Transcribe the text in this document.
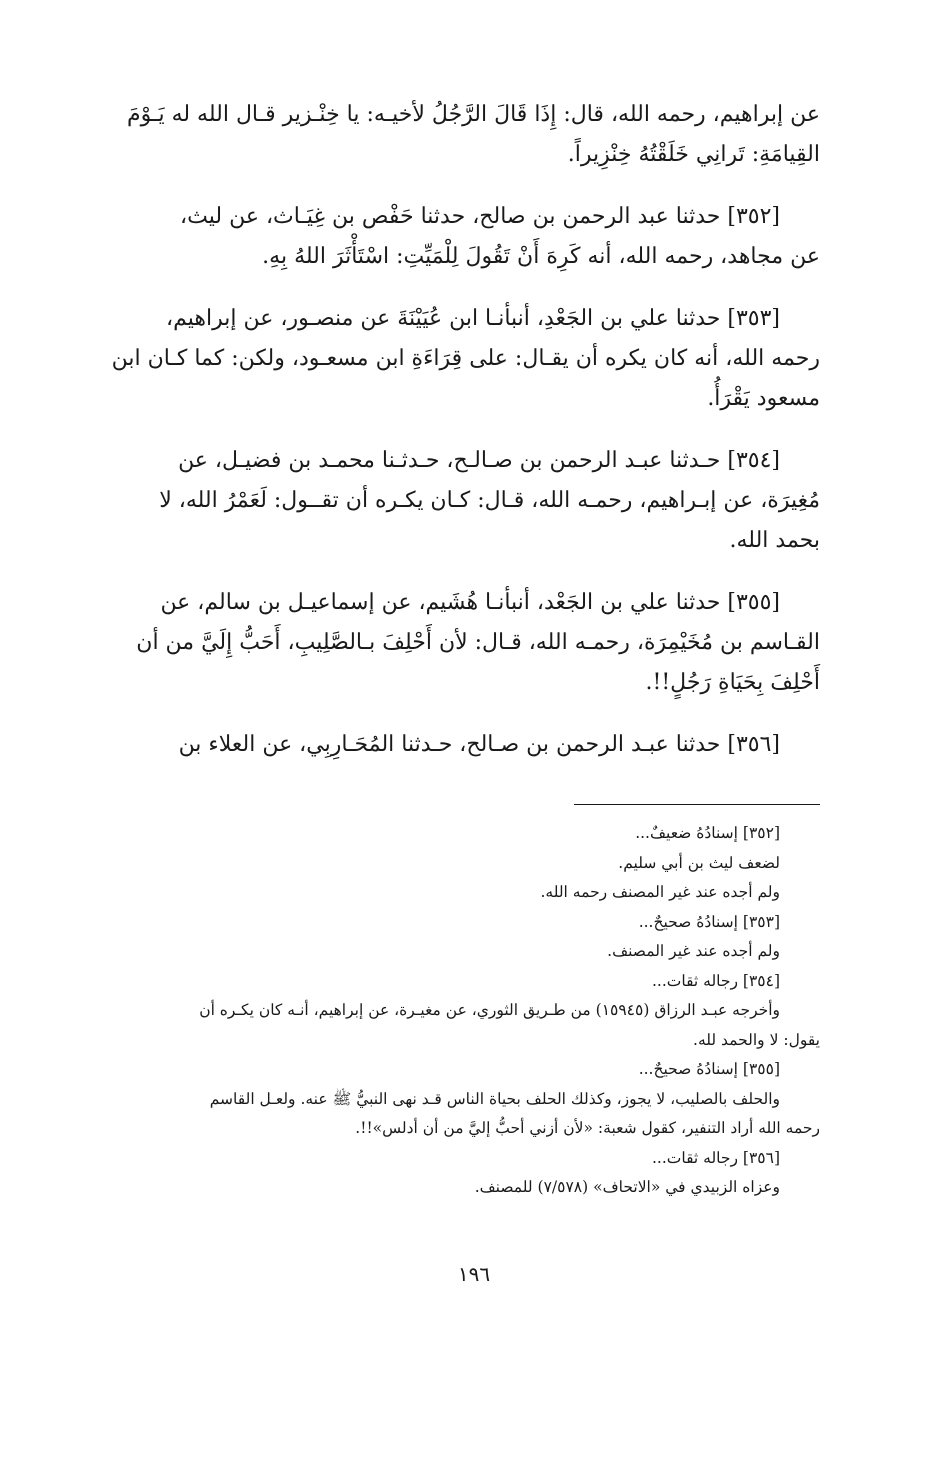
عن إبراهيم، رحمه الله، قال: إِذَا قَالَ الرَّجُلُ لأخيـه: يا خِنْـزير قـال الله له يَـوْمَ
القِيامَةِ: تَرانِي خَلَقْتُهُ خِنْزِيراً.
[٣٥٢] حدثنا عبد الرحمن بن صالح، حدثنا حَفْص بن غِيَـاث، عن ليث،
عن مجاهد، رحمه الله، أنه كَرِهَ أَنْ تَقُولَ لِلْمَيِّتِ: اسْتَأْثَرَ اللهُ بِهِ.
[٣٥٣] حدثنا علي بن الجَعْدِ، أنبأنـا ابن عُيَيْنَةَ عن منصـور، عن إبراهيم،
رحمه الله، أنه كان يكره أن يقـال: على قِرَاءَةِ ابن مسعـود، ولكن: كما كـان ابن
مسعود يَقْرَأُ.
[٣٥٤] حـدثنا عبـد الرحمن بن صـالـح، حـدثـنا محمـد بن فضيـل، عن
مُغِيرَة، عن إبـراهيم، رحمـه الله، قـال: كـان يكـره أن تقــول: لَعَمْرُ الله، لا
بحمد الله.
[٣٥٥] حدثنا علي بن الجَعْد، أنبأنـا هُشَيم، عن إسماعيـل بن سالم، عن
القـاسم بن مُخَيْمِرَة، رحمـه الله، قـال: لأن أَحْلِفَ بـالصَّلِيبِ، أَحَبُّ إِلَيَّ من أن
أَحْلِفَ بِحَيَاةِ رَجُلٍ!!.
[٣٥٦] حدثنا عبـد الرحمن بن صـالح، حـدثنا المُحَـارِبِي، عن العلاء بن
[٣٥٢] إسنادُهُ ضعيفٌ...
لضعف ليث بن أبي سليم.
ولم أجده عند غير المصنف رحمه الله.
[٣٥٣] إسنادُهُ صحيحٌ...
ولم أجده عند غير المصنف.
[٣٥٤] رجاله ثقات...
وأخرجه عبـد الرزاق (١٥٩٤٥) من طـريق الثوري، عن مغيـرة، عن إبراهيم، أنـه كان يكـره أن
يقول: لا والحمد لله.
[٣٥٥] إسنادُهُ صحيحٌ...
والحلف بالصليب، لا يجوز، وكذلك الحلف بحياة الناس قـد نهى النبيُّ ﷺ عنه. ولعـل القاسم
رحمه الله أراد التنفير، كقول شعبة: «لأن أزني أحبُّ إليَّ من أن أدلس»!!.
[٣٥٦] رجاله ثقات...
وعزاه الزبيدي في «الاتحاف» (٧/٥٧٨) للمصنف.
١٩٦
